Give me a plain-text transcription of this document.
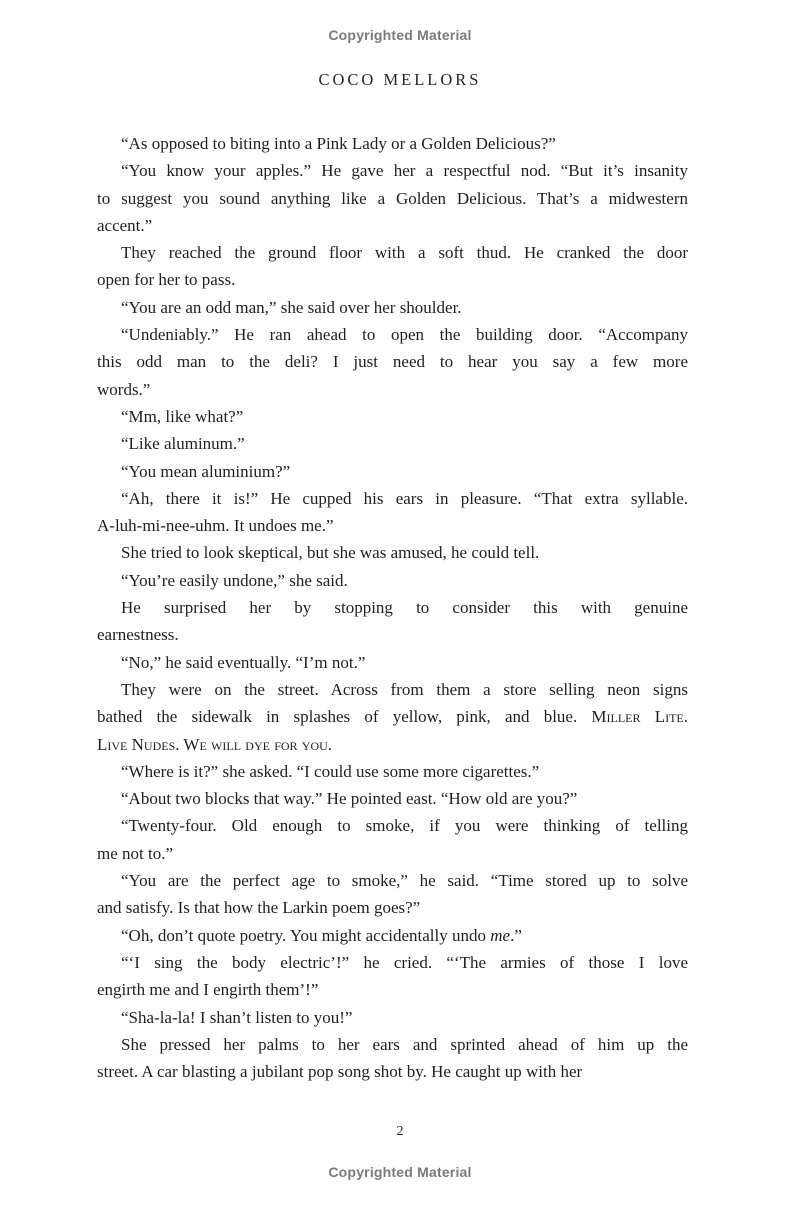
Copyrighted Material
COCO MELLORS

“As opposed to biting into a Pink Lady or a Golden Delicious?”

“You know your apples.” He gave her a respectful nod. “But it’s insanity
to suggest you sound anything like a Golden Delicious. That’s a midwestern
accent.”

They reached the ground floor with a soft thud. He cranked the door
open for her to pass.

“You are an odd man,” she said over her shoulder.

“Undeniably.” He ran ahead to open the building door. “Accompany
this odd man to the deli? I just need to hear you say a few more
words.”

“Mm, like what?”

“Like aluminum.”

“You mean aluminium?”

“Ah, there it is!” He cupped his ears in pleasure. “That extra syllable.
A-luh-mi-nee-uhm. It undoes me.”

She tried to look skeptical, but she was amused, he could tell.

“You’re easily undone,” she said.

He surprised her by stopping to consider this with genuine
earnestness.

“No,” he said eventually. “I’m not.”

They were on the street. Across from them a store selling neon signs
bathed the sidewalk in splashes of yellow, pink, and blue. Miller Lite.
Live Nudes. We will dye for you.

“Where is it?” she asked. “I could use some more cigarettes.”

“About two blocks that way.” He pointed east. “How old are you?”

“Twenty-four. Old enough to smoke, if you were thinking of telling
me not to.”

“You are the perfect age to smoke,” he said. “Time stored up to solve
and satisfy. Is that how the Larkin poem goes?”

“Oh, don’t quote poetry. You might accidentally undo me.”

“‘I sing the body electric’!” he cried. “‘The armies of those I love
engirth me and I engirth them’!”

“Sha-la-la! I shan’t listen to you!”

She pressed her palms to her ears and sprinted ahead of him up the
street. A car blasting a jubilant pop song shot by. He caught up with her

2
Copyrighted Material
